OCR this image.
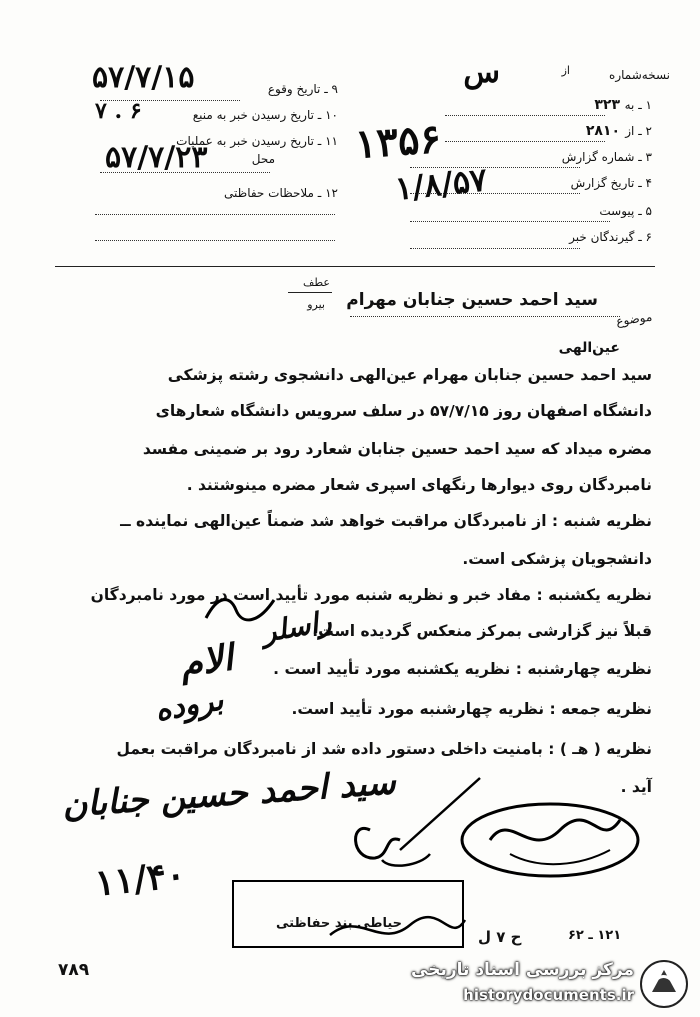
نسخه‌شماره
از
س
۱ ـ به
۳۲۳
۲ ـ از
۲۸۱۰
۳ ـ شماره گزارش
۴ ـ تاریخ گزارش
۵ ـ پیوست
۶ ـ گیرندگان خبر
۱۳۵۶
۱/۸/۵۷
۵۷/۷/۱۵	۹ ـ تاریخ وقوع
۱۰ ـ تاریخ رسیدن خبر به منبع
۶ . ۷
۱۱ ـ تاریخ رسیدن خبر به عملیات
محل
۵۷/۷/۲۳
۱۲ ـ ملاحظات حفاظتی
عطف
بیرو
موضوع
سید احمد حسین جنابان مهرام
عین‌الهی
سید احمد حسین جنابان مهرام عین‌الهی دانشجوی رشته پزشکی
دانشگاه اصفهان روز ۵۷/۷/۱۵ در سلف سرویس دانشگاه شعارهای
مضره میداد که سید احمد حسین جنابان شعارد رود بر ضمینی مفسد
نامبردگان روی دیوارها رنگهای اسپری شعار مضره مینوشتند .
نظریه شنبه : از نامبردگان مراقبت خواهد شد ضمناً عین‌الهی نماینده ــ
دانشجویان پزشکی است.
نظریه یکشنبه : مفاد خبر و نظریه شنبه مورد تأیید است در مورد نامبردگان
قبلاً نیز گزارشی بمرکز منعکس گردیده است.
نظریه چهارشنبه : نظریه یکشنبه مورد تأیید است .
نظریه جمعه : نظریه چهارشنبه مورد تأیید است.
نظریه ( هـ ) : بامنیت داخلی دستور داده شد از نامبردگان مراقبت بعمل
آید .
راسلر
الام
بروده
سید احمد حسین جنابان
۱۱/۴۰
حیاطی بند حفاظتی
۱۲۱ ـ ۶۲
ح ۷ ل
۷۸۹	مرکز بررسی اسناد تاریخی
historydocuments.ir
